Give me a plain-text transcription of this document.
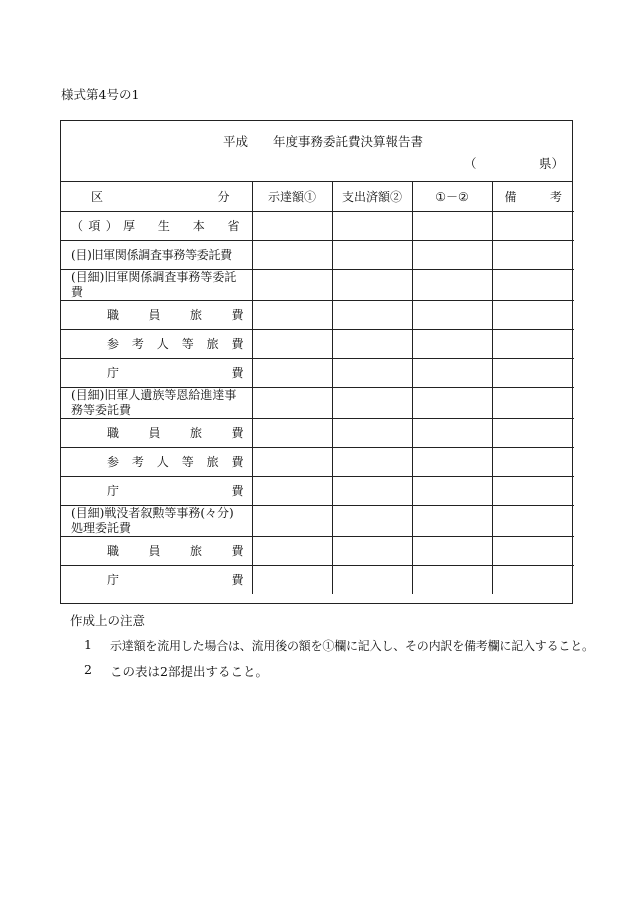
様式第4号の1
平成　　年度事務委託費決算報告書
（　　　　　県）
区　　分	示達額①	支出済額②	①－②	備　　考

（項）厚　生　本　省				

(目)旧軍関係調査事務等委託費				

(目細)旧軍関係調査事務等委託費				

職　員　旅　費				

参 考 人 等 旅 費				

庁　　　　費				

(目細)旧軍人遺族等恩給進達事務等委託費				

職　員　旅　費				

参 考 人 等 旅 費				

庁　　　　費				

(目細)戦没者叙勲等事務(々分)処理委託費				

職　員　旅　費				

庁　　　　費				

作成上の注意
1	示達額を流用した場合は、流用後の額を①欄に記入し、その内訳を備考欄に記入すること。
2	この表は2部提出すること。
